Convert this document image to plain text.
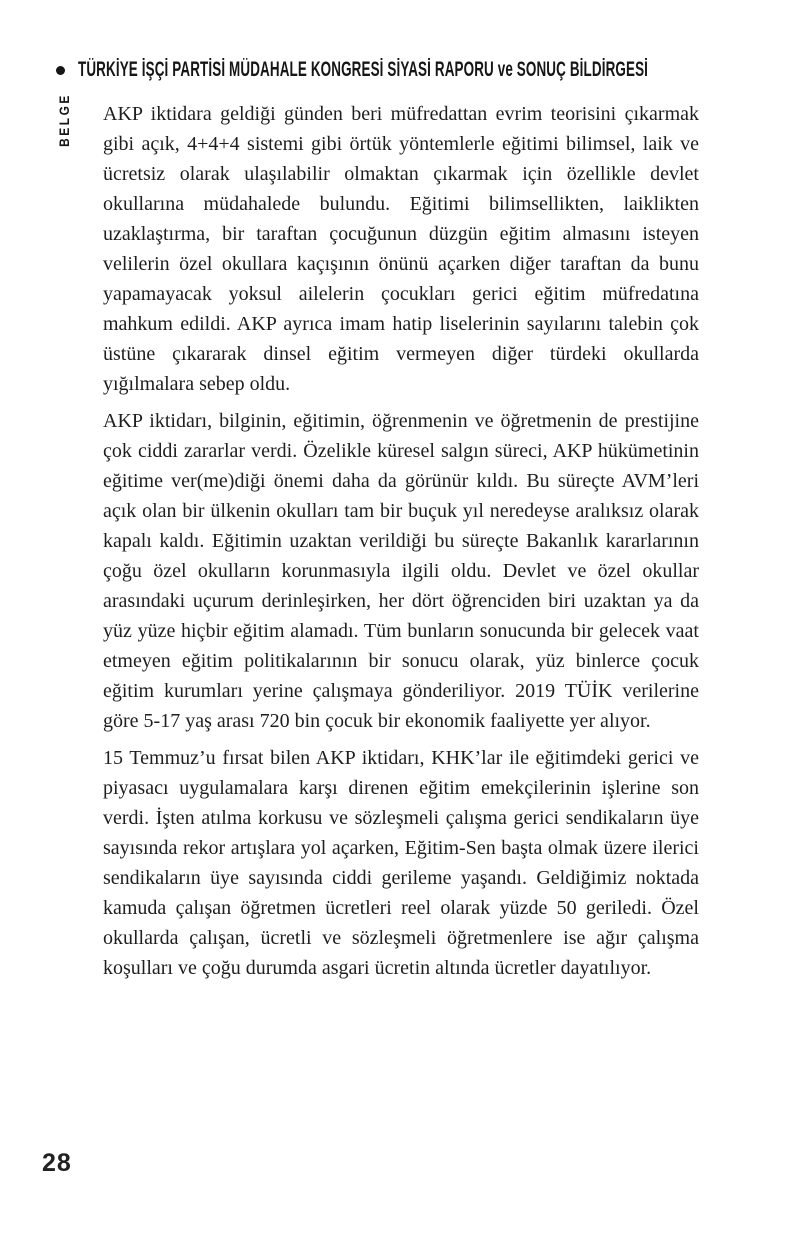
TÜRKİYE İŞÇİ PARTİSİ MÜDAHALE KONGRESİ SİYASİ RAPORU ve SONUÇ BİLDİRGESİ
BELGE AKP iktidara geldiği günden beri müfredattan evrim teorisini çıkarmak gibi açık, 4+4+4 sistemi gibi örtük yöntemlerle eğitimi bilimsel, laik ve ücretsiz olarak ulaşılabilir olmaktan çıkarmak için özellikle devlet okullarına müdahalede bulundu. Eğitimi bilimsellikten, laiklikten uzaklaştırma, bir taraftan çocuğunun düzgün eğitim almasını isteyen velilerin özel okullara kaçışının önünü açarken diğer taraftan da bunu yapamayacak yoksul ailelerin çocukları gerici eğitim müfredatına mahkum edildi. AKP ayrıca imam hatip liselerinin sayılarını talebin çok üstüne çıkararak dinsel eğitim vermeyen diğer türdeki okullarda yığılmalara sebep oldu.

AKP iktidarı, bilginin, eğitimin, öğrenmenin ve öğretmenin de prestijine çok ciddi zararlar verdi. Özelikle küresel salgın süreci, AKP hükümetinin eğitime ver(me)diği önemi daha da görünür kıldı. Bu süreçte AVM’leri açık olan bir ülkenin okulları tam bir buçuk yıl neredeyse aralıksız olarak kapalı kaldı. Eğitimin uzaktan verildiği bu süreçte Bakanlık kararlarının çoğu özel okulların korunmasıyla ilgili oldu. Devlet ve özel okullar arasındaki uçurum derinleşirken, her dört öğrenciden biri uzaktan ya da yüz yüze hiçbir eğitim alamadı. Tüm bunların sonucunda bir gelecek vaat etmeyen eğitim politikalarının bir sonucu olarak, yüz binlerce çocuk eğitim kurumları yerine çalışmaya gönderiliyor. 2019 TÜİK verilerine göre 5-17 yaş arası 720 bin çocuk bir ekonomik faaliyette yer alıyor.

15 Temmuz’u fırsat bilen AKP iktidarı, KHK’lar ile eğitimdeki gerici ve piyasacı uygulamalara karşı direnen eğitim emekçilerinin işlerine son verdi. İşten atılma korkusu ve sözleşmeli çalışma gerici sendikaların üye sayısında rekor artışlara yol açarken, Eğitim-Sen başta olmak üzere ilerici sendikaların üye sayısında ciddi gerileme yaşandı. Geldiğimiz noktada kamuda çalışan öğretmen ücretleri reel olarak yüzde 50 geriledi. Özel okullarda çalışan, ücretli ve sözleşmeli öğretmenlere ise ağır çalışma koşulları ve çoğu durumda asgari ücretin altında ücretler dayatılıyor.

28
